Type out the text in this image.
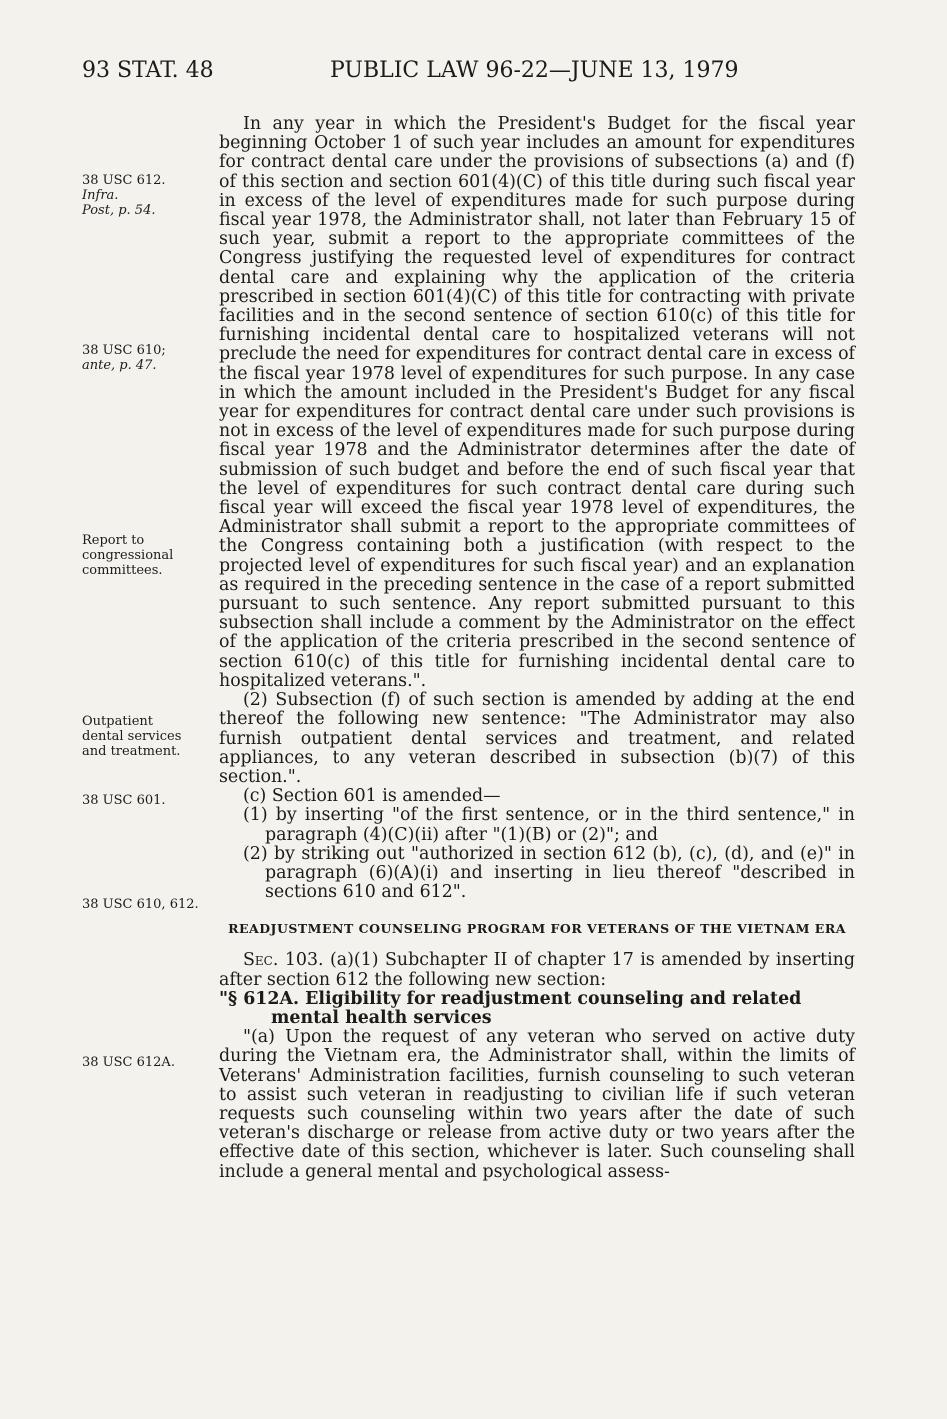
93 STAT. 48	PUBLIC LAW 96-22—JUNE 13, 1979
38 USC 612.
Infra.
Post, p. 54.
38 USC 610;
ante, p. 47.
Report to
congressional
committees.
Outpatient
dental services
and treatment.
38 USC 601.
38 USC 610, 612.
38 USC 612A.

In any year in which the President's Budget for the fiscal year beginning October 1 of such year includes an amount for expenditures for contract dental care under the provisions of subsections (a) and (f) of this section and section 601(4)(C) of this title during such fiscal year in excess of the level of expenditures made for such purpose during fiscal year 1978, the Administrator shall, not later than February 15 of such year, submit a report to the appropriate committees of the Congress justifying the requested level of expenditures for contract dental care and explaining why the application of the criteria prescribed in section 601(4)(C) of this title for contracting with private facilities and in the second sentence of section 610(c) of this title for furnishing incidental dental care to hospitalized veterans will not preclude the need for expenditures for contract dental care in excess of the fiscal year 1978 level of expenditures for such purpose. In any case in which the amount included in the President's Budget for any fiscal year for expenditures for contract dental care under such provisions is not in excess of the level of expenditures made for such purpose during fiscal year 1978 and the Administrator determines after the date of submission of such budget and before the end of such fiscal year that the level of expenditures for such contract dental care during such fiscal year will exceed the fiscal year 1978 level of expenditures, the Administrator shall submit a report to the appropriate committees of the Congress containing both a justification (with respect to the projected level of expenditures for such fiscal year) and an explanation as required in the preceding sentence in the case of a report submitted pursuant to such sentence. Any report submitted pursuant to this subsection shall include a comment by the Administrator on the effect of the application of the criteria prescribed in the second sentence of section 610(c) of this title for furnishing incidental dental care to hospitalized veterans.".

(2) Subsection (f) of such section is amended by adding at the end thereof the following new sentence: "The Administrator may also furnish outpatient dental services and treatment, and related appliances, to any veteran described in subsection (b)(7) of this section.".

(c) Section 601 is amended—

(1) by inserting "of the first sentence, or in the third sentence," in paragraph (4)(C)(ii) after "(1)(B) or (2)"; and

(2) by striking out "authorized in section 612 (b), (c), (d), and (e)" in paragraph (6)(A)(i) and inserting in lieu thereof "described in sections 610 and 612".

READJUSTMENT COUNSELING PROGRAM FOR VETERANS OF THE VIETNAM ERA

Sec. 103. (a)(1) Subchapter II of chapter 17 is amended by inserting after section 612 the following new section:

"§ 612A. Eligibility for readjustment counseling and related mental health services

"(a) Upon the request of any veteran who served on active duty during the Vietnam era, the Administrator shall, within the limits of Veterans' Administration facilities, furnish counseling to such veteran to assist such veteran in readjusting to civilian life if such veteran requests such counseling within two years after the date of such veteran's discharge or release from active duty or two years after the effective date of this section, whichever is later. Such counseling shall include a general mental and psychological assess-
